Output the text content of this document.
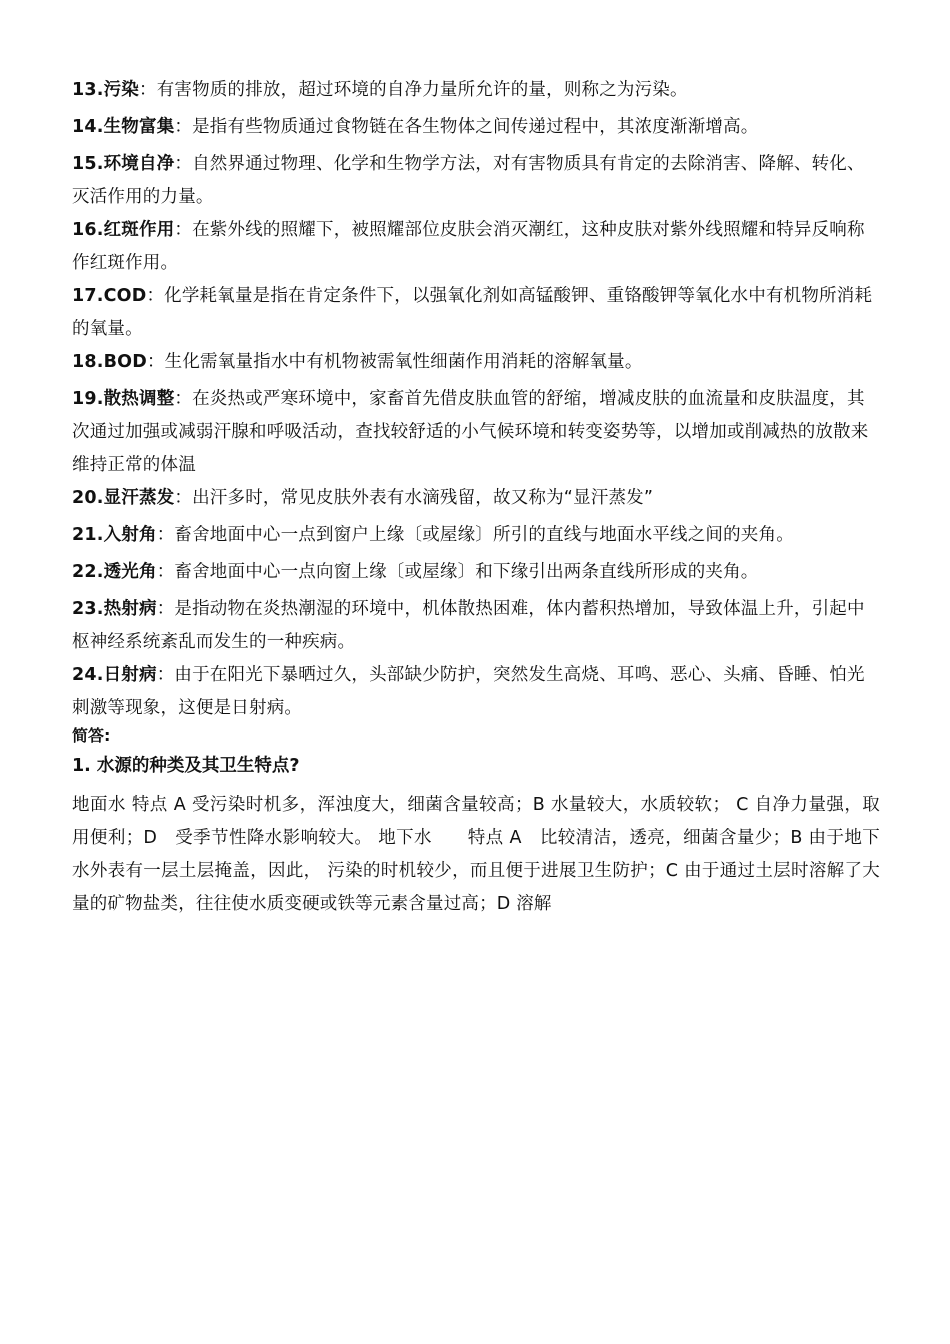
13.污染：有害物质的排放，超过环境的自净力量所允许的量，则称之为污染。

14.生物富集：是指有些物质通过食物链在各生物体之间传递过程中，其浓度渐渐增高。

15.环境自净：自然界通过物理、化学和生物学方法，对有害物质具有肯定的去除消害、降解、转化、灭活作用的力量。

16.红斑作用：在紫外线的照耀下，被照耀部位皮肤会消灭潮红，这种皮肤对紫外线照耀和特异反响称作红斑作用。

17.COD：化学耗氧量是指在肯定条件下，以强氧化剂如高锰酸钾、重铬酸钾等氧化水中有机物所消耗的氧量。

18.BOD：生化需氧量指水中有机物被需氧性细菌作用消耗的溶解氧量。

19.散热调整：在炎热或严寒环境中，家畜首先借皮肤血管的舒缩，增减皮肤的血流量和皮肤温度，其次通过加强或减弱汗腺和呼吸活动，查找较舒适的小气候环境和转变姿势等，以增加或削减热的放散来维持正常的体温

20.显汗蒸发：出汗多时，常见皮肤外表有水滴残留，故又称为“显汗蒸发”

21.入射角：畜舍地面中心一点到窗户上缘〔或屋缘〕所引的直线与地面水平线之间的夹角。

22.透光角：畜舍地面中心一点向窗上缘〔或屋缘〕和下缘引出两条直线所形成的夹角。

23.热射病：是指动物在炎热潮湿的环境中，机体散热困难，体内蓄积热增加，导致体温上升，引起中枢神经系统紊乱而发生的一种疾病。

24.日射病：由于在阳光下暴晒过久，头部缺少防护，突然发生高烧、耳鸣、恶心、头痛、昏睡、怕光刺激等现象，这便是日射病。

简答:
1. 水源的种类及其卫生特点?

地面水 特点 A 受污染时机多，浑浊度大，细菌含量较高；B 水量较大，水质较软； C 自净力量强，取用便利；D　受季节性降水影响较大。 地下水　　特点 A　比较清洁，透亮，细菌含量少；B 由于地下水外表有一层土层掩盖，因此， 污染的时机较少，而且便于进展卫生防护；C 由于通过土层时溶解了大量的矿物盐类，往往使水质变硬或铁等元素含量过高；D 溶解
